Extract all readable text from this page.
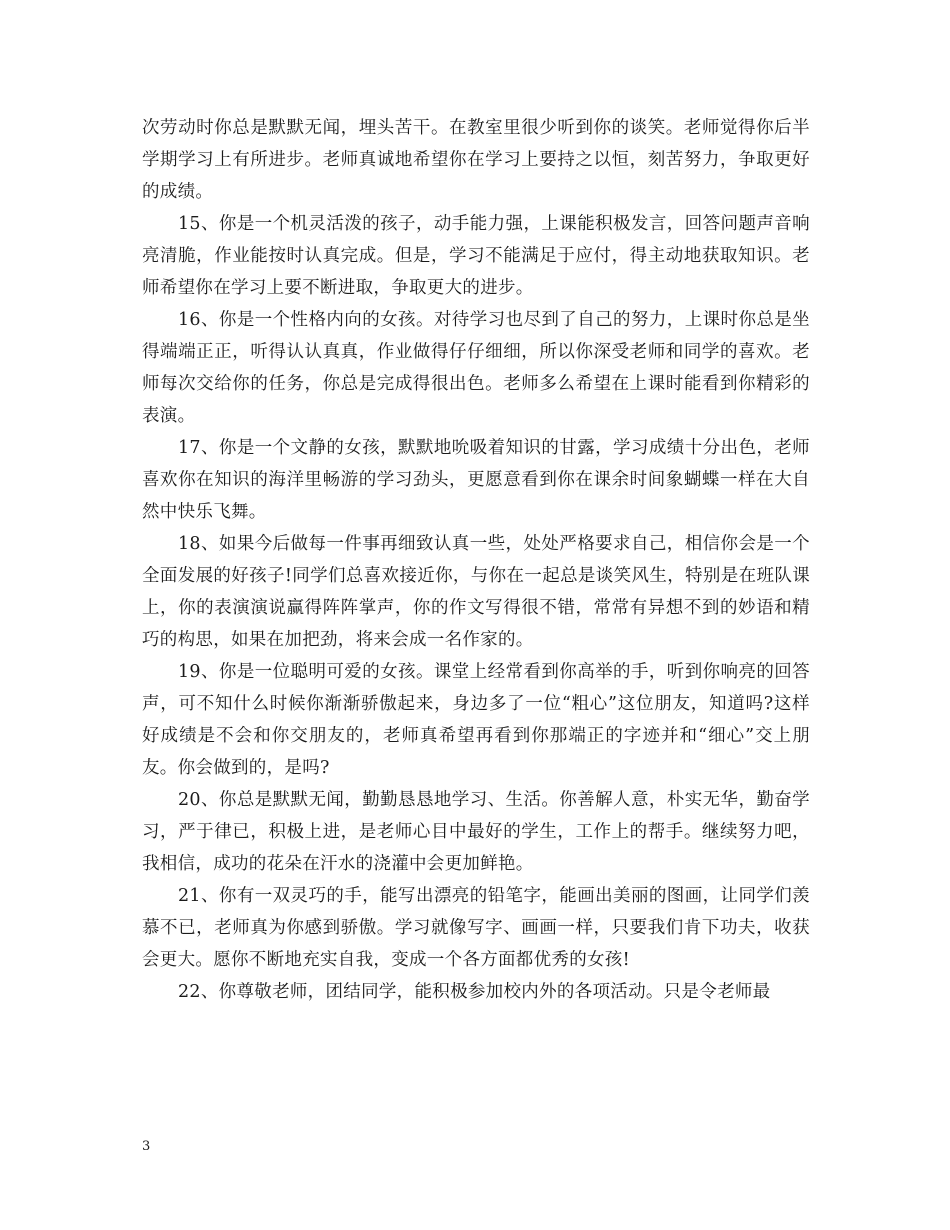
次劳动时你总是默默无闻，埋头苦干。在教室里很少听到你的谈笑。老师觉得你后半学期学习上有所进步。老师真诚地希望你在学习上要持之以恒，刻苦努力，争取更好的成绩。

15、你是一个机灵活泼的孩子，动手能力强，上课能积极发言，回答问题声音响亮清脆，作业能按时认真完成。但是，学习不能满足于应付，得主动地获取知识。老师希望你在学习上要不断进取，争取更大的进步。

16、你是一个性格内向的女孩。对待学习也尽到了自己的努力，上课时你总是坐得端端正正，听得认认真真，作业做得仔仔细细，所以你深受老师和同学的喜欢。老师每次交给你的任务，你总是完成得很出色。老师多么希望在上课时能看到你精彩的表演。

17、你是一个文静的女孩，默默地吮吸着知识的甘露，学习成绩十分出色，老师喜欢你在知识的海洋里畅游的学习劲头，更愿意看到你在课余时间象蝴蝶一样在大自然中快乐飞舞。

18、如果今后做每一件事再细致认真一些，处处严格要求自己，相信你会是一个全面发展的好孩子!同学们总喜欢接近你，与你在一起总是谈笑风生，特别是在班队课上，你的表演演说赢得阵阵掌声，你的作文写得很不错，常常有异想不到的妙语和精巧的构思，如果在加把劲，将来会成一名作家的。

19、你是一位聪明可爱的女孩。课堂上经常看到你高举的手，听到你响亮的回答声，可不知什么时候你渐渐骄傲起来，身边多了一位“粗心”这位朋友，知道吗?这样好成绩是不会和你交朋友的，老师真希望再看到你那端正的字迹并和“细心”交上朋友。你会做到的，是吗?

20、你总是默默无闻，勤勤恳恳地学习、生活。你善解人意，朴实无华，勤奋学习，严于律已，积极上进，是老师心目中最好的学生，工作上的帮手。继续努力吧，我相信，成功的花朵在汗水的浇灌中会更加鲜艳。

21、你有一双灵巧的手，能写出漂亮的铅笔字，能画出美丽的图画，让同学们羡慕不已，老师真为你感到骄傲。学习就像写字、画画一样，只要我们肯下功夫，收获会更大。愿你不断地充实自我，变成一个各方面都优秀的女孩!

22、你尊敬老师，团结同学，能积极参加校内外的各项活动。只是令老师最

3
